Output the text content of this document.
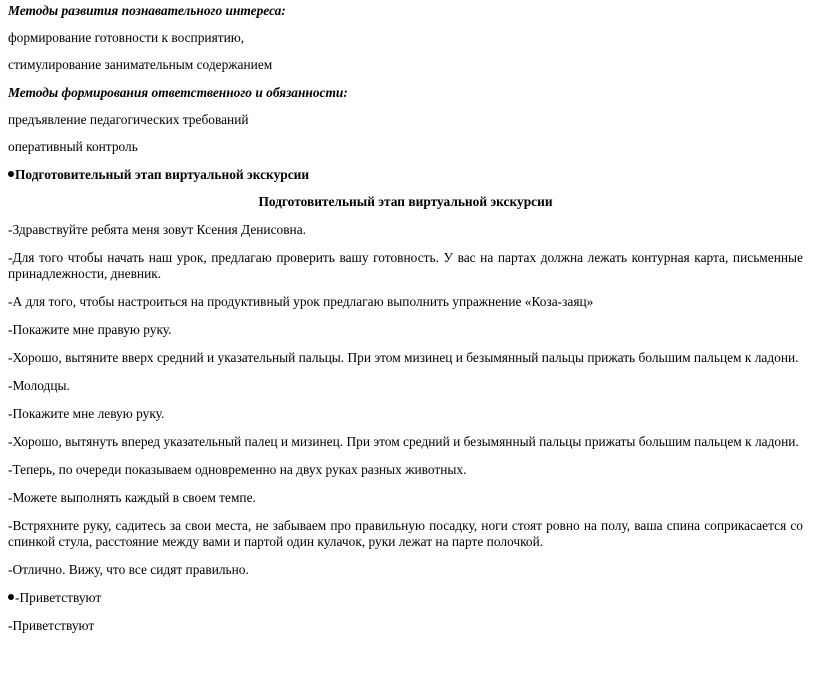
Методы развития познавательного интереса:

формирование готовности к восприятию,

стимулирование занимательным содержанием

Методы формирования ответственного и обязанности:

предъявление педагогических требований

оперативный контроль

Подготовительный этап виртуальной экскурсии

Подготовительный этап виртуальной экскурсии

-Здравствуйте ребята меня зовут Ксения Денисовна.

-Для того чтобы начать наш урок, предлагаю проверить вашу готовность. У вас на партах должна лежать контурная карта, письменные принадлежности, дневник.

-А для того, чтобы настроиться на продуктивный урок предлагаю выполнить упражнение «Коза-заяц»

-Покажите мне правую руку.

-Хорошо, вытяните вверх средний и указательный пальцы. При этом мизинец и безымянный пальцы прижать большим пальцем к ладони.

-Молодцы.

-Покажите мне левую руку.

-Хорошо, вытянуть вперед указательный палец и мизинец. При этом средний и безымянный пальцы прижаты большим пальцем к ладони.

-Теперь, по очереди показываем одновременно на двух руках разных животных.

-Можете выполнять каждый в своем темпе.

-Встряхните руку, садитесь за свои места, не забываем про правильную посадку, ноги стоят ровно на полу, ваша спина соприкасается со спинкой стула, расстояние между вами и партой один кулачок, руки лежат на парте полочкой.

-Отлично. Вижу, что все сидят правильно.

-Приветствуют

-Приветствуют
